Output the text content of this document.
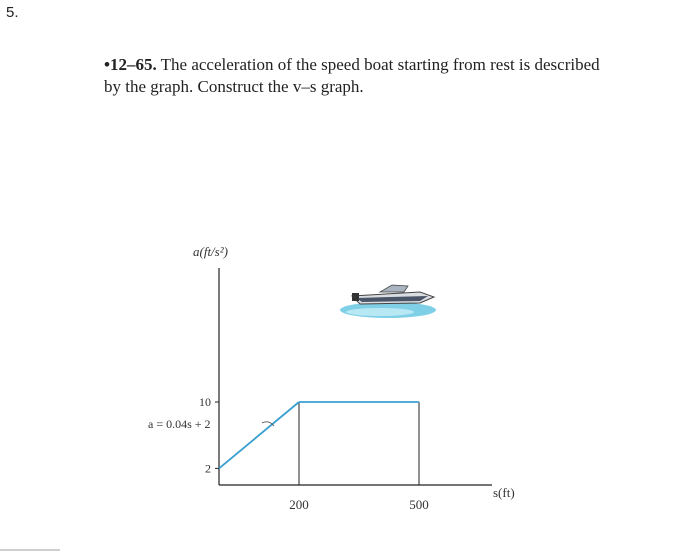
5.
•12–65. The acceleration of the speed boat starting from rest is described by the graph. Construct the v–s graph.
a(ft/s²)
s(ft)
200	500
2
10
a = 0.04s + 2
